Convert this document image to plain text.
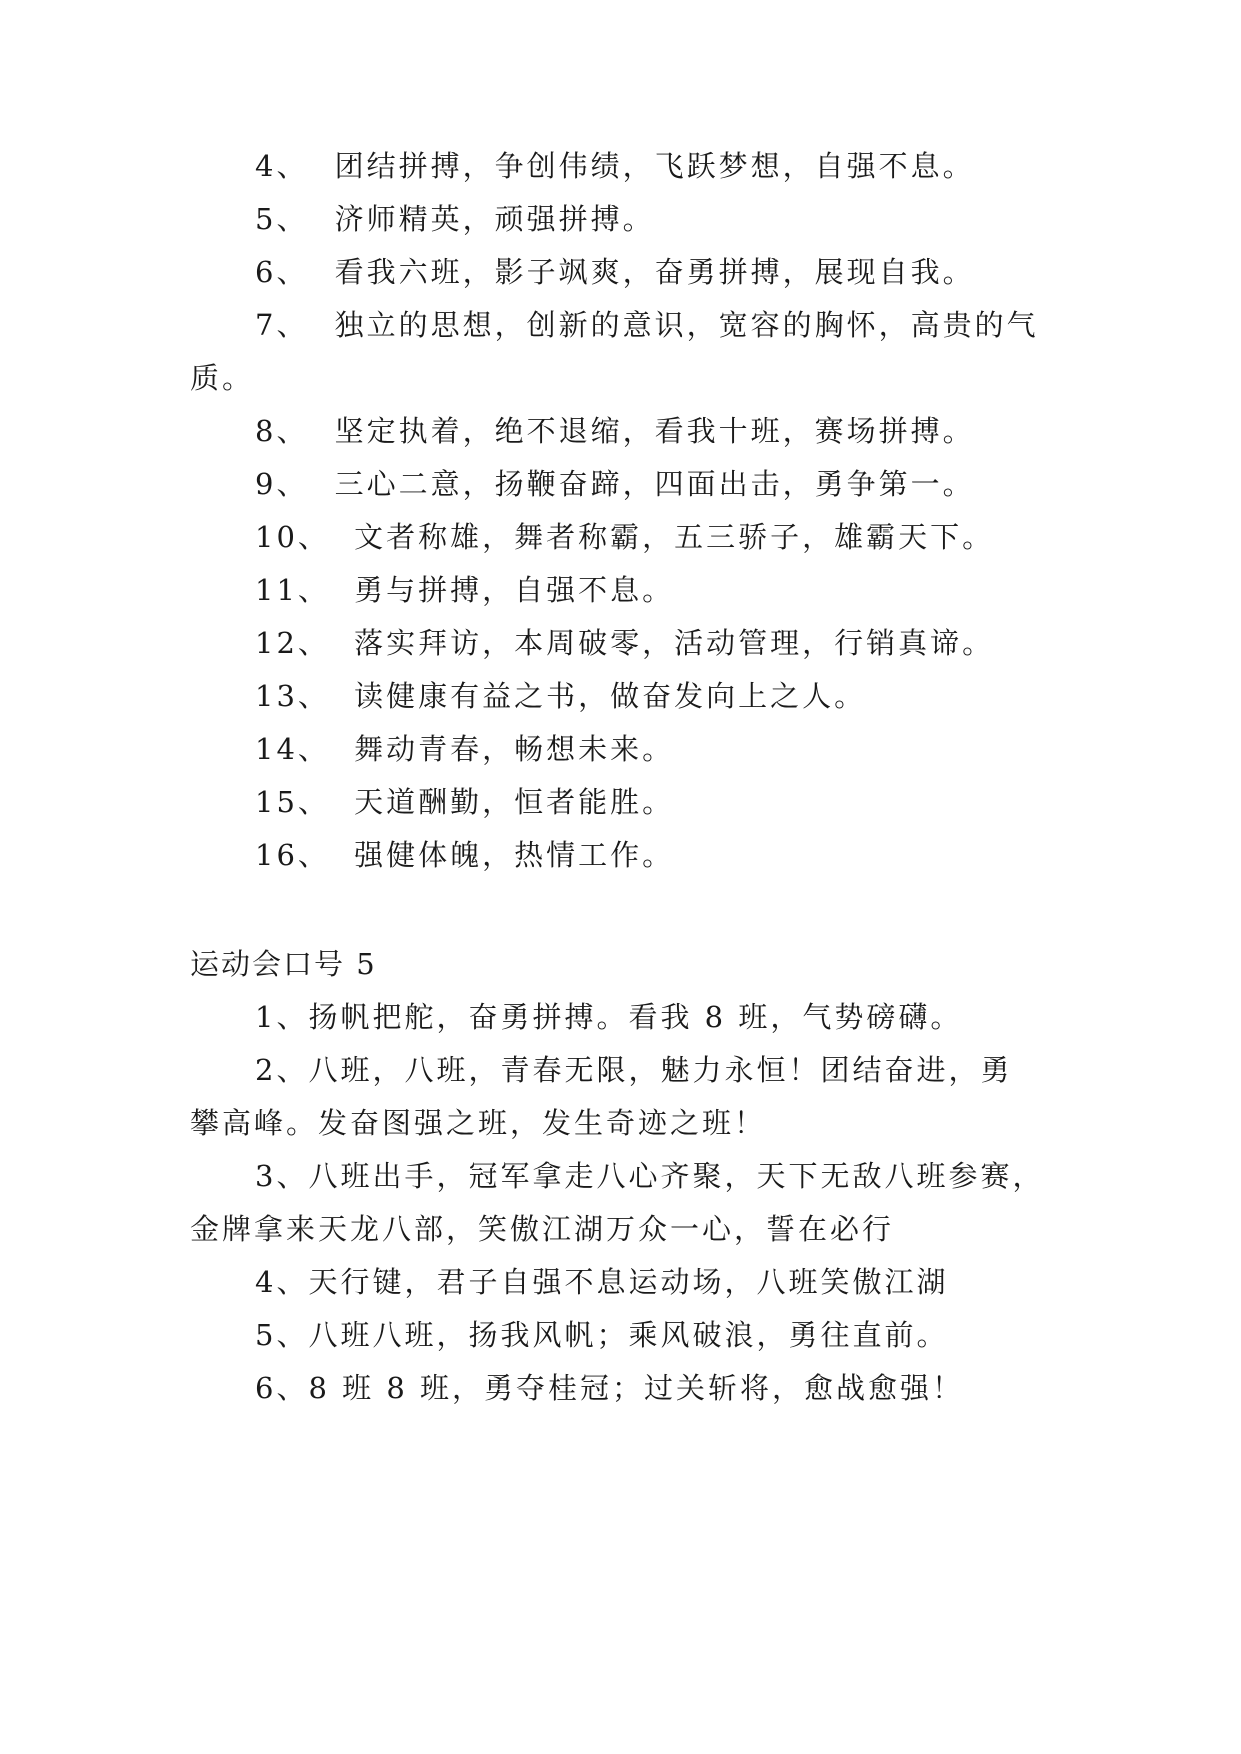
4、 团结拼搏，争创伟绩，飞跃梦想，自强不息。
5、 济师精英，顽强拼搏。
6、 看我六班，影子飒爽，奋勇拼搏，展现自我。
7、 独立的思想，创新的意识，宽容的胸怀，高贵的气
质。
8、 坚定执着，绝不退缩，看我十班，赛场拼搏。
9、 三心二意，扬鞭奋蹄，四面出击，勇争第一。
10、 文者称雄，舞者称霸，五三骄子，雄霸天下。
11、 勇与拼搏，自强不息。
12、 落实拜访，本周破零，活动管理，行销真谛。
13、 读健康有益之书，做奋发向上之人。
14、 舞动青春，畅想未来。
15、 天道酬勤，恒者能胜。
16、 强健体魄，热情工作。
运动会口号 5
1、扬帆把舵，奋勇拼搏。看我 8 班，气势磅礴。
2、八班，八班，青春无限，魅力永恒！团结奋进，勇
攀高峰。发奋图强之班，发生奇迹之班！
3、八班出手，冠军拿走八心齐聚，天下无敌八班参赛，
金牌拿来天龙八部，笑傲江湖万众一心，誓在必行
4、天行键，君子自强不息运动场，八班笑傲江湖
5、八班八班，扬我风帆；乘风破浪，勇往直前。
6、8 班 8 班，勇夺桂冠；过关斩将，愈战愈强！
